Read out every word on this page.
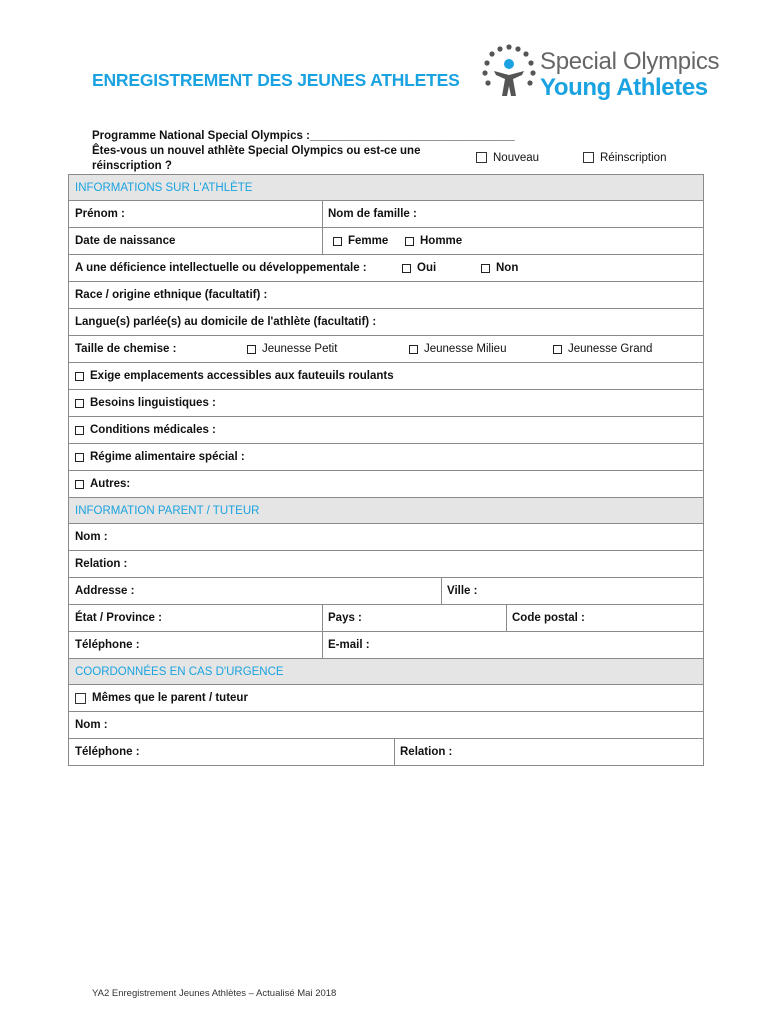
ENREGISTREMENT DES JEUNES ATHLETES
Special Olympics
Young Athletes
Programme National Special Olympics :________________________________
Êtes-vous un nouvel athlète Special Olympics ou est-ce une
réinscription ?
Nouveau	Réinscription
INFORMATIONS SUR L'ATHLÈTE
Prénom :	Nom de famille :
Date de naissance	Femme	Homme
A une déficience intellectuelle ou développementale :	Oui	Non
Race / origine ethnique (facultatif) :
Langue(s) parlée(s) au domicile de l'athlète (facultatif) :
Taille de chemise :	Jeunesse Petit	Jeunesse Milieu	Jeunesse Grand
Exige emplacements accessibles aux fauteuils roulants
Besoins linguistiques :
Conditions médicales :
Régime alimentaire spécial :
Autres:
INFORMATION PARENT / TUTEUR
Nom :
Relation :
Addresse :	Ville :
État / Province :	Pays :	Code postal :
Téléphone :	E-mail :
COORDONNÉES EN CAS D'URGENCE
Mêmes que le parent / tuteur
Nom :
Téléphone :	Relation :
YA2 Enregistrement Jeunes Athlètes – Actualisé Mai 2018
